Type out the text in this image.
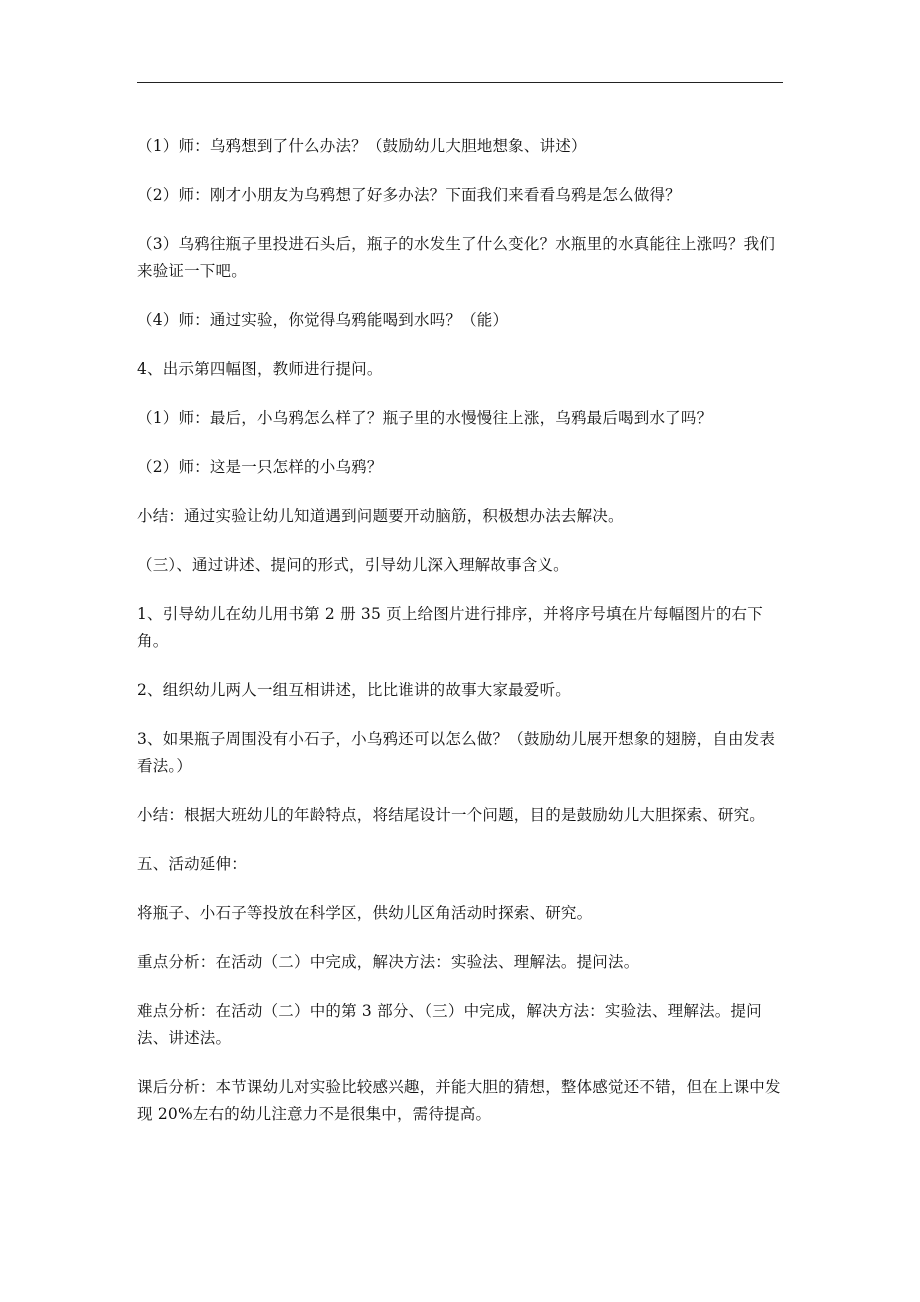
（1）师：乌鸦想到了什么办法？（鼓励幼儿大胆地想象、讲述）

（2）师：刚才小朋友为乌鸦想了好多办法？下面我们来看看乌鸦是怎么做得？

（3）乌鸦往瓶子里投进石头后，瓶子的水发生了什么变化？水瓶里的水真能往上涨吗？我们来验证一下吧。

（4）师：通过实验，你觉得乌鸦能喝到水吗？（能）

4、出示第四幅图，教师进行提问。

（1）师：最后，小乌鸦怎么样了？瓶子里的水慢慢往上涨，乌鸦最后喝到水了吗？

（2）师：这是一只怎样的小乌鸦？

小结：通过实验让幼儿知道遇到问题要开动脑筋，积极想办法去解决。

（三）、通过讲述、提问的形式，引导幼儿深入理解故事含义。

1、引导幼儿在幼儿用书第 2 册 35 页上给图片进行排序，并将序号填在片每幅图片的右下角。

2、组织幼儿两人一组互相讲述，比比谁讲的故事大家最爱听。

3、如果瓶子周围没有小石子，小乌鸦还可以怎么做？（鼓励幼儿展开想象的翅膀，自由发表看法。）

小结：根据大班幼儿的年龄特点，将结尾设计一个问题，目的是鼓励幼儿大胆探索、研究。

五、活动延伸：

将瓶子、小石子等投放在科学区，供幼儿区角活动时探索、研究。

重点分析：在活动（二）中完成，解决方法：实验法、理解法。提问法。

难点分析：在活动（二）中的第 3 部分、（三）中完成，解决方法：实验法、理解法。提问法、讲述法。

课后分析：本节课幼儿对实验比较感兴趣，并能大胆的猜想，整体感觉还不错，但在上课中发现 20%左右的幼儿注意力不是很集中，需待提高。
